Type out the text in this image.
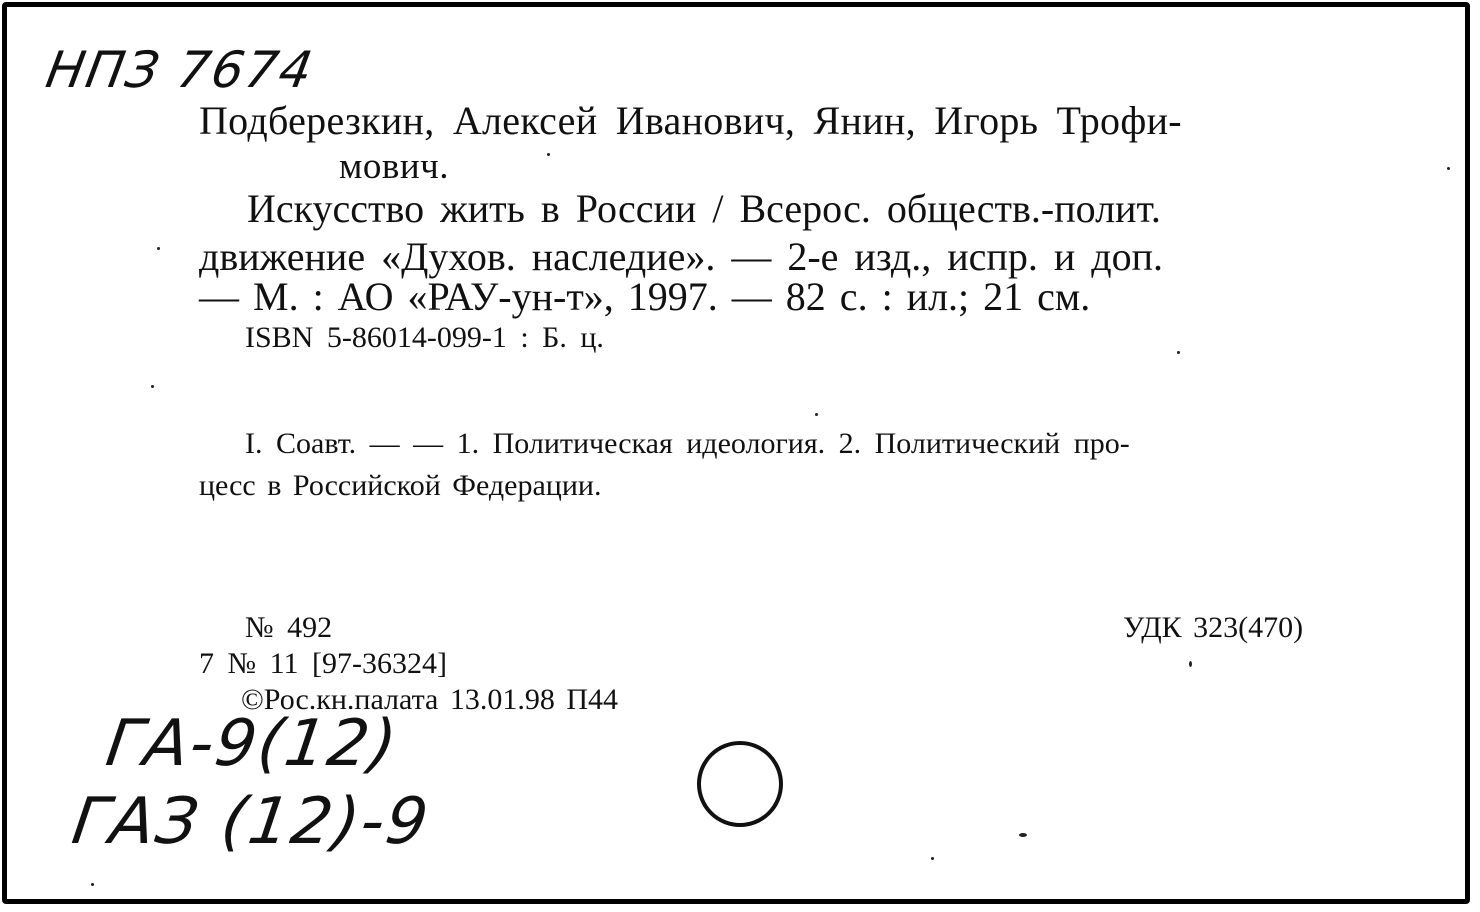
НПЗ 7674
Подберезкин, Алексей Иванович, Янин, Игорь Трофи-
мович.
Искусство жить в России / Всерос. обществ.-полит.
движение «Духов. наследие». — 2-е изд., испр. и доп.
— М. : АО «РАУ-ун-т», 1997. — 82 с. : ил.; 21 см.
ISBN 5-86014-099-1 : Б. ц.
I. Соавт. — — 1. Политическая идеология. 2. Политический про-
цесс в Российской Федерации.
№ 492
7 № 11 [97-36324]
©Рос.кн.палата 13.01.98 П44
УДК 323(470)
ГА-9(12)
ГАЗ (12)-9
